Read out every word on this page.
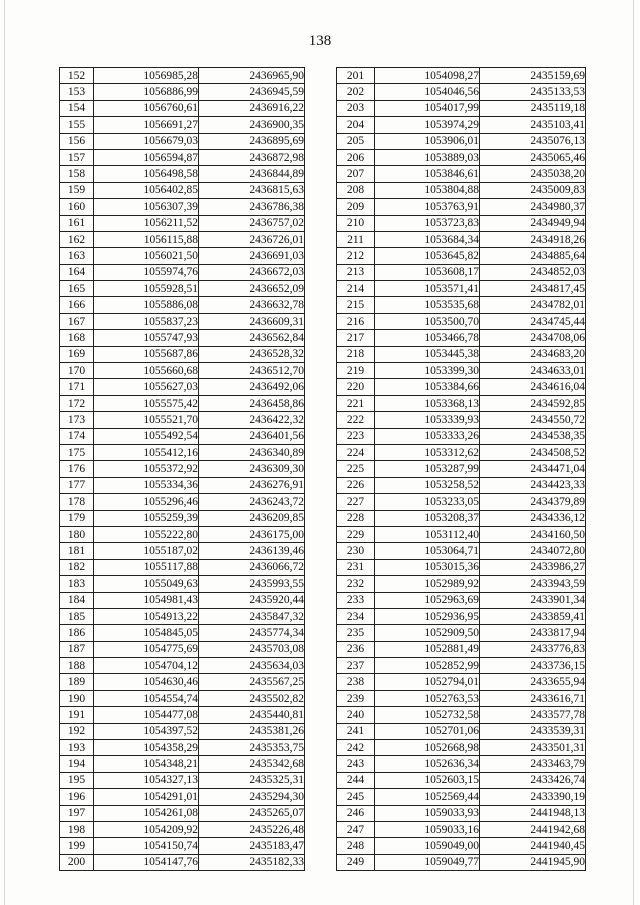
138
152	1056985,28	2436965,90
153	1056886,99	2436945,59
154	1056760,61	2436916,22
155	1056691,27	2436900,35
156	1056679,03	2436895,69
157	1056594,87	2436872,98
158	1056498,58	2436844,89
159	1056402,85	2436815,63
160	1056307,39	2436786,38
161	1056211,52	2436757,02
162	1056115,88	2436726,01
163	1056021,50	2436691,03
164	1055974,76	2436672,03
165	1055928,51	2436652,09
166	1055886,08	2436632,78
167	1055837,23	2436609,31
168	1055747,93	2436562,84
169	1055687,86	2436528,32
170	1055660,68	2436512,70
171	1055627,03	2436492,06
172	1055575,42	2436458,86
173	1055521,70	2436422,32
174	1055492,54	2436401,56
175	1055412,16	2436340,89
176	1055372,92	2436309,30
177	1055334,36	2436276,91
178	1055296,46	2436243,72
179	1055259,39	2436209,85
180	1055222,80	2436175,00
181	1055187,02	2436139,46
182	1055117,88	2436066,72
183	1055049,63	2435993,55
184	1054981,43	2435920,44
185	1054913,22	2435847,32
186	1054845,05	2435774,34
187	1054775,69	2435703,08
188	1054704,12	2435634,03
189	1054630,46	2435567,25
190	1054554,74	2435502,82
191	1054477,08	2435440,81
192	1054397,52	2435381,26
193	1054358,29	2435353,75
194	1054348,21	2435342,68
195	1054327,13	2435325,31
196	1054291,01	2435294,30
197	1054261,08	2435265,07
198	1054209,92	2435226,48
199	1054150,74	2435183,47
200	1054147,76	2435182,33
201	1054098,27	2435159,69
202	1054046,56	2435133,53
203	1054017,99	2435119,18
204	1053974,29	2435103,41
205	1053906,01	2435076,13
206	1053889,03	2435065,46
207	1053846,61	2435038,20
208	1053804,88	2435009,83
209	1053763,91	2434980,37
210	1053723,83	2434949,94
211	1053684,34	2434918,26
212	1053645,82	2434885,64
213	1053608,17	2434852,03
214	1053571,41	2434817,45
215	1053535,68	2434782,01
216	1053500,70	2434745,44
217	1053466,78	2434708,06
218	1053445,38	2434683,20
219	1053399,30	2434633,01
220	1053384,66	2434616,04
221	1053368,13	2434592,85
222	1053339,93	2434550,72
223	1053333,26	2434538,35
224	1053312,62	2434508,52
225	1053287,99	2434471,04
226	1053258,52	2434423,33
227	1053233,05	2434379,89
228	1053208,37	2434336,12
229	1053112,40	2434160,50
230	1053064,71	2434072,80
231	1053015,36	2433986,27
232	1052989,92	2433943,59
233	1052963,69	2433901,34
234	1052936,95	2433859,41
235	1052909,50	2433817,94
236	1052881,49	2433776,83
237	1052852,99	2433736,15
238	1052794,01	2433655,94
239	1052763,53	2433616,71
240	1052732,58	2433577,78
241	1052701,06	2433539,31
242	1052668,98	2433501,31
243	1052636,34	2433463,79
244	1052603,15	2433426,74
245	1052569,44	2433390,19
246	1059033,93	2441948,13
247	1059033,16	2441942,68
248	1059049,00	2441940,45
249	1059049,77	2441945,90
